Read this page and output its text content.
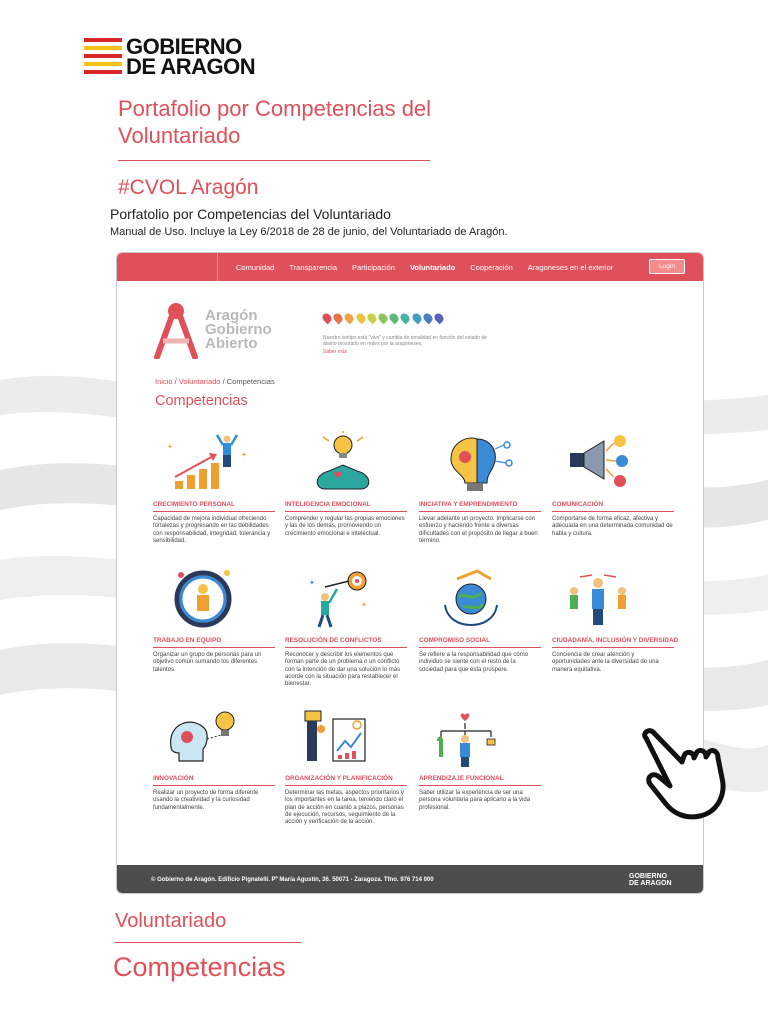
GOBIERNO
DE ARAGON
Portafolio por Competencias del Voluntariado
#CVOL Aragón
Porfatolio por Competencias del Voluntariado
Manual de Uso. Incluye la Ley 6/2018 de 28 de junio, del Voluntariado de Aragón.
Comunidad Transparencia Participación Voluntariado Cooperación Aragoneses en el exterior	Login
Aragón
Gobierno
Abierto	Nuestro isotipo está "vivo" y cambia de tonalidad en función del estado de ánimo mostrado en redes por la aragoneses.
Saber más
Inicio / Voluntariado / Competencias
Competencias
✦
✦
CRECIMIENTO PERSONAL
Capacidad de mejora individual ofreciendo fortalezas y progresando en las debilidades con responsabilidad, integridad, tolerancia y sensibilidad.
INTELIGENCIA EMOCIONAL
Comprender y regular las propias emociones y las de los demás, promoviendo un crecimiento emocional e intelectual.
INICIATIVA Y EMPRENDIMIENTO
Llevar adelante un proyecto. Implicarse con esfuerzo y haciendo frente a diversas dificultades con el propósito de llegar a buen término.
COMUNICACIÓN
Comportarse de forma eficaz, afectiva y adecuada en una determinada comunidad de habla y cultura.
TRABAJO EN EQUIPO
Organizar un grupo de personas para un objetivo común sumando los diferentes talentos.
✦
✦
RESOLUCIÓN DE CONFLICTOS
Reconocer y describir los elementos que forman parte de un problema o un conflicto con la intención de dar una solución lo más acorde con la situación para restablecer el bienestar.
COMPROMISO SOCIAL
Se refiere a la responsabilidad que cómo individuo se siente con el resto de la sociedad para que ésta prospere.
CIUDADANÍA, INCLUSIÓN Y DIVERSIDAD
Conciencia de crear atención y oportunidades ante la diversidad de una manera equitativa.
INNOVACIÓN
Realizar un proyecto de forma diferente usando la creatividad y la curiosidad fundamentalmente.
ORGANIZACIÓN Y PLANIFICACIÓN
Determinar las metas, aspectos prioritarios y los importantes en la tarea, teniendo claro el plan de acción en cuanto a plazos, personas de ejecución, recursos, seguimiento de la acción y verificación de la acción.
APRENDIZAJE FUNCIONAL
Saber utilizar la experiencia de ser una persona voluntaria para aplicarlo a la vida profesional.
© Gobierno de Aragón. Edificio Pignatelli. Pº María Agustín, 36. 50071 - Zaragoza. Tfno. 976 714 000	GOBIERNO
DE ARAGON
Voluntariado
Competencias
